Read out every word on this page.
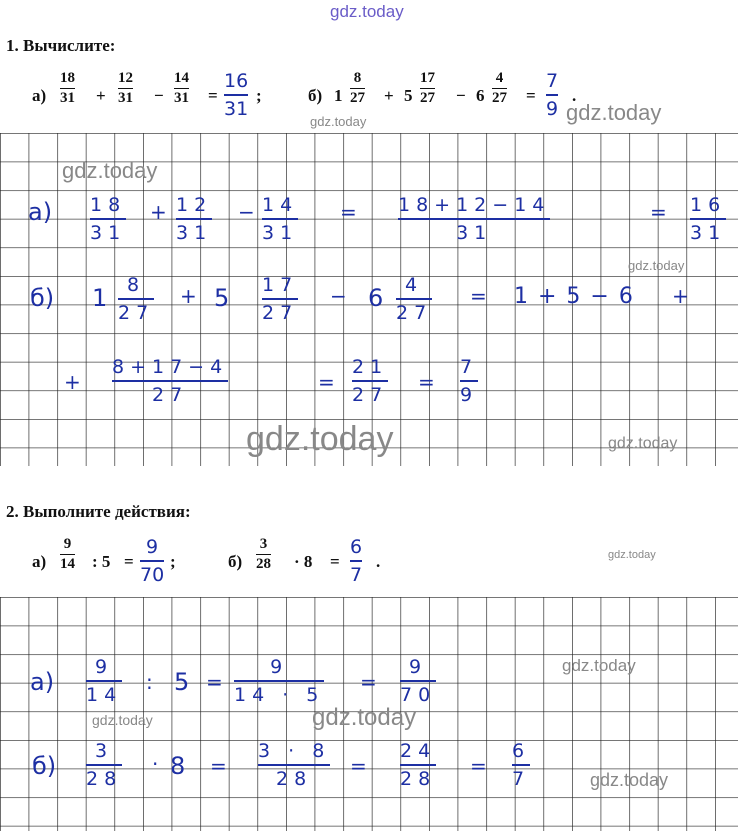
gdz.today
1. Вычислите:
а)
18
31 +
12
31 −
14
31 =
16
31
;	б) 1
8
27 + 5
17
27 − 6
4
27 =
7
9
.
gdz.today
gdz.today
gdz.today
gdz.today
gdz.today	gdz.today
а) 18
31
+ 12
31
− 14
31
= 18+12−14
31
= 16
31
б) 1 8
27
+ 5 17
27
− 6 4
27
= 1+5−6 +
+
8+17−4
27
=
21
27
=
7
9
2. Выполните действия:
а)
9
14 : 5 =
9
70
;	б)
3
28 · 8 =
6
7
.	gdz.today
gdz.today
gdz.today	gdz.today
gdz.today
а)
9
14
: 5 =
9
14 · 5
=
9
70
б)
3
28
· 8 =
3 · 8
28
=
24
28
=
6
7
